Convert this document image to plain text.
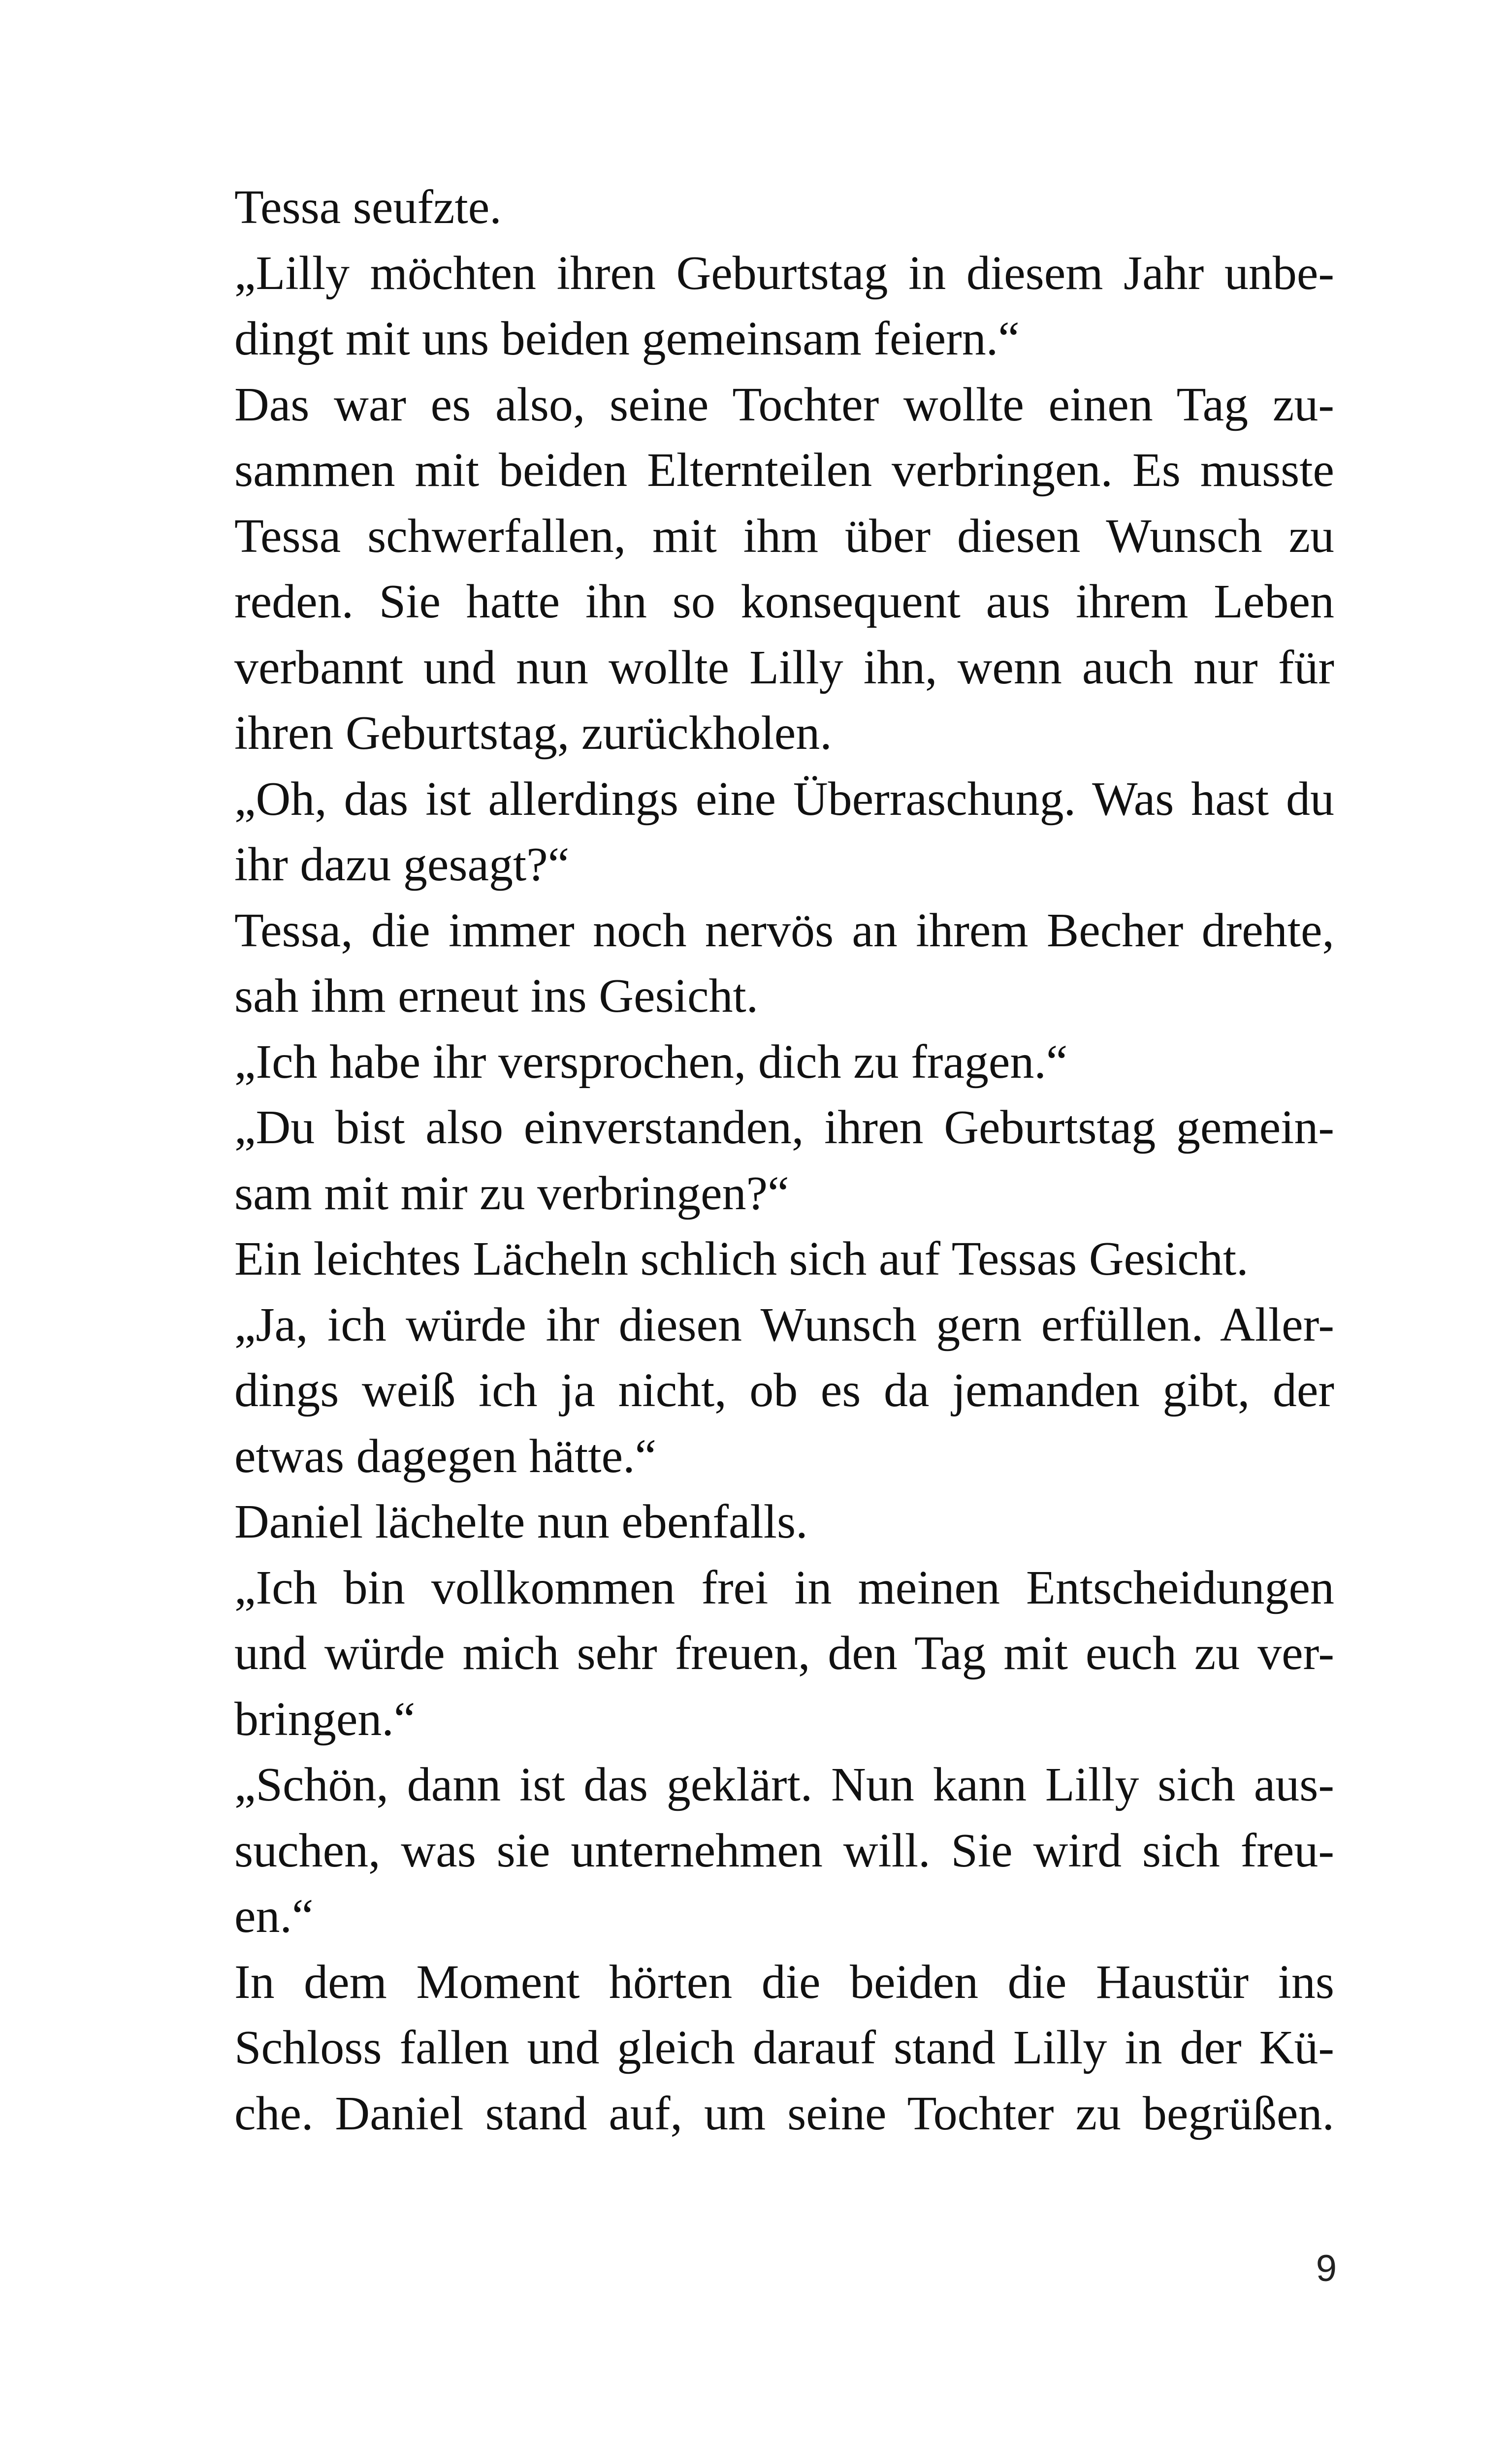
Tessa seufzte.
„Lilly möchten ihren Geburtstag in diesem Jahr unbe-
dingt mit uns beiden gemeinsam feiern.“
Das war es also, seine Tochter wollte einen Tag zu-
sammen mit beiden Elternteilen verbringen. Es musste
Tessa schwerfallen, mit ihm über diesen Wunsch zu
reden. Sie hatte ihn so konsequent aus ihrem Leben
verbannt und nun wollte Lilly ihn, wenn auch nur für
ihren Geburtstag, zurückholen.
„Oh, das ist allerdings eine Überraschung. Was hast du
ihr dazu gesagt?“
Tessa, die immer noch nervös an ihrem Becher drehte,
sah ihm erneut ins Gesicht.
„Ich habe ihr versprochen, dich zu fragen.“
„Du bist also einverstanden, ihren Geburtstag gemein-
sam mit mir zu verbringen?“
Ein leichtes Lächeln schlich sich auf Tessas Gesicht.
„Ja, ich würde ihr diesen Wunsch gern erfüllen. Aller-
dings weiß ich ja nicht, ob es da jemanden gibt, der
etwas dagegen hätte.“
Daniel lächelte nun ebenfalls.
„Ich bin vollkommen frei in meinen Entscheidungen
und würde mich sehr freuen, den Tag mit euch zu ver-
bringen.“
„Schön, dann ist das geklärt. Nun kann Lilly sich aus-
suchen, was sie unternehmen will. Sie wird sich freu-
en.“
In dem Moment hörten die beiden die Haustür ins
Schloss fallen und gleich darauf stand Lilly in der Kü-
che. Daniel stand auf, um seine Tochter zu begrüßen.
9
